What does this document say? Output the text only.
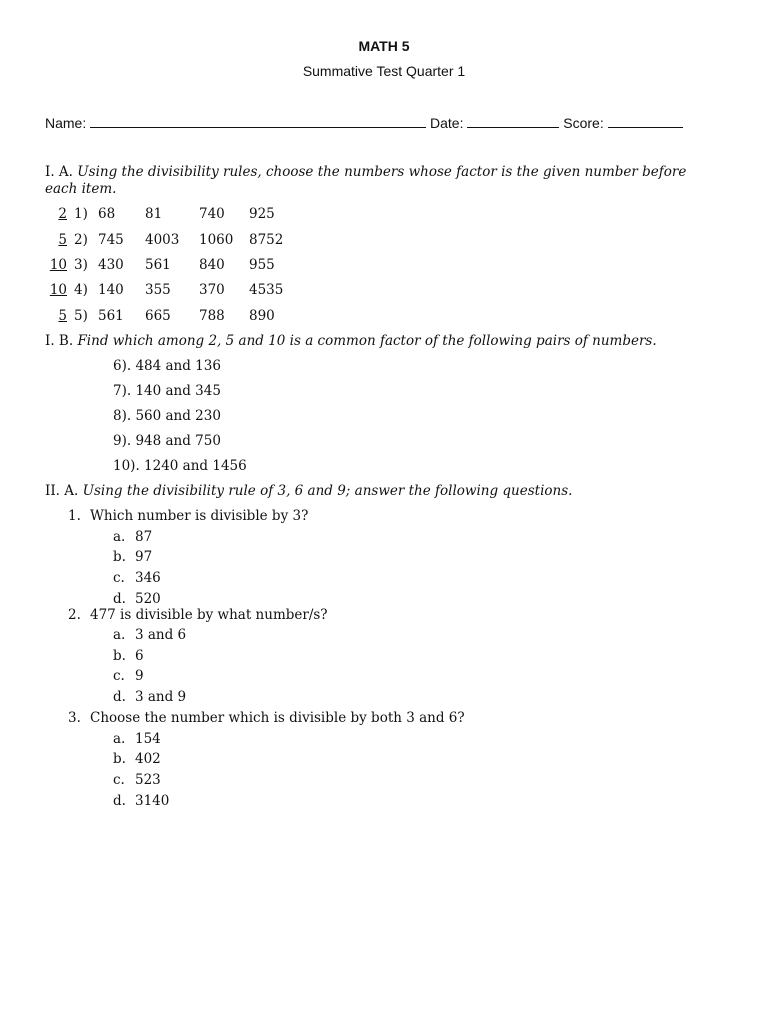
MATH 5
Summative Test Quarter 1
Name:	Date:	Score:
I. A. Using the divisibility rules, choose the numbers whose factor is the given number before
each item.
2 1) 68 81	740 925
5 2) 745 4003 1060 8752
10 3) 430 561 840 955
10 4) 140 355 370 4535
5 5) 561 665 788 890
I. B. Find which among 2, 5 and 10 is a common factor of the following pairs of numbers.
6). 484 and 136
7). 140 and 345
8). 560 and 230
9). 948 and 750
10). 1240 and 1456
II. A. Using the divisibility rule of 3, 6 and 9; answer the following questions.
1. Which number is divisible by 3?
a. 87
b. 97
c. 346
d. 520
2. 477 is divisible by what number/s?
a. 3 and 6
b. 6
c. 9
d. 3 and 9
3. Choose the number which is divisible by both 3 and 6?
a. 154
b. 402
c. 523
d. 3140
